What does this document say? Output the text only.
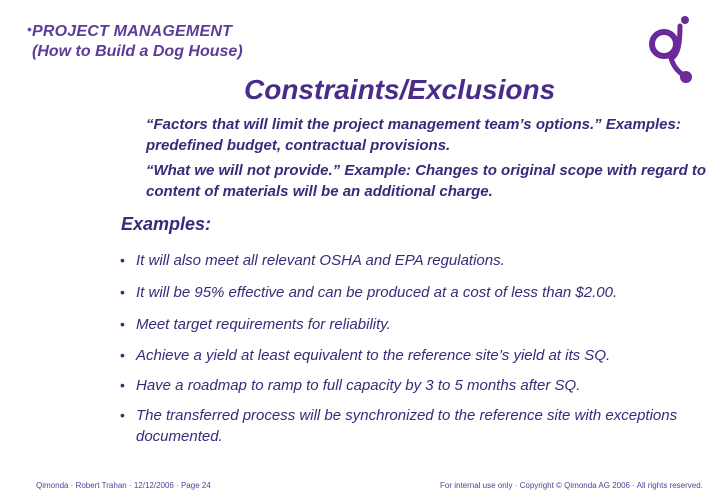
• PROJECT MANAGEMENT
(How to Build a Dog House)
Constraints/Exclusions
“Factors that will limit the project management team’s options.” Examples: predefined budget, contractual provisions.
“What we will not provide.” Example: Changes to original scope with regard to content of materials will be an additional charge.
Examples:
• It will also meet all relevant OSHA and EPA regulations.
• It will be 95% effective and can be produced at a cost of less than $2.00.
• Meet target requirements for reliability.
• Achieve a yield at least equivalent to the reference site’s yield at its SQ.
• Have a roadmap to ramp to full capacity by 3 to 5 months after SQ.
• The transferred process will be synchronized to the reference site with exceptions documented.
Qimonda · Robert Trahan · 12/12/2006 · Page 24	For internal use only · Copyright © Qimonda AG 2006 · All rights reserved.
